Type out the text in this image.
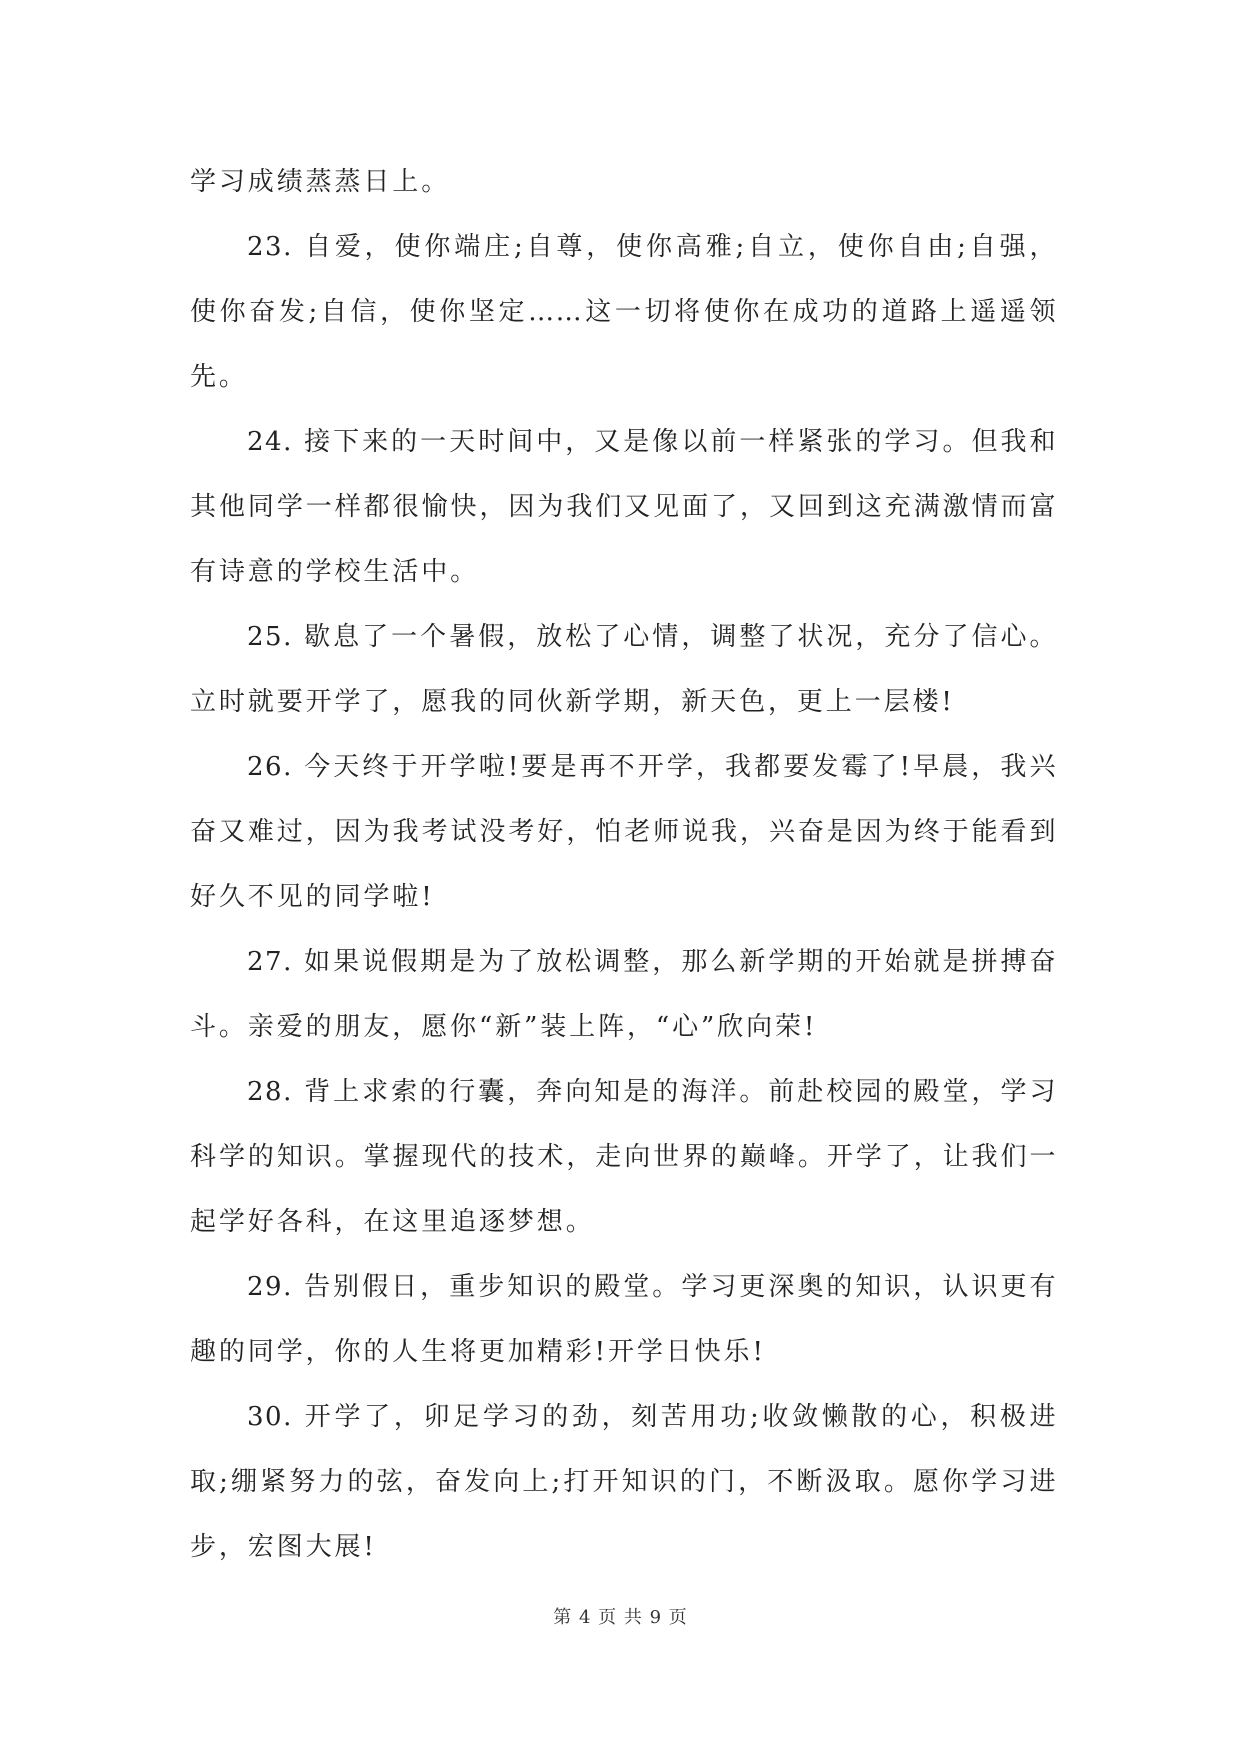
学习成绩蒸蒸日上。
23. 自爱，使你端庄;自尊，使你高雅;自立，使你自由;自强，
使你奋发;自信，使你坚定……这一切将使你在成功的道路上遥遥领
先。
24. 接下来的一天时间中，又是像以前一样紧张的学习。但我和
其他同学一样都很愉快，因为我们又见面了，又回到这充满激情而富
有诗意的学校生活中。
25. 歇息了一个暑假，放松了心情，调整了状况，充分了信心。
立时就要开学了，愿我的同伙新学期，新天色，更上一层楼!
26. 今天终于开学啦!要是再不开学，我都要发霉了!早晨，我兴
奋又难过，因为我考试没考好，怕老师说我，兴奋是因为终于能看到
好久不见的同学啦!
27. 如果说假期是为了放松调整，那么新学期的开始就是拼搏奋
斗。亲爱的朋友，愿你“新”装上阵，“心”欣向荣!
28. 背上求索的行囊，奔向知是的海洋。前赴校园的殿堂，学习
科学的知识。掌握现代的技术，走向世界的巅峰。开学了，让我们一
起学好各科，在这里追逐梦想。
29. 告别假日，重步知识的殿堂。学习更深奥的知识，认识更有
趣的同学，你的人生将更加精彩!开学日快乐!
30. 开学了，卯足学习的劲，刻苦用功;收敛懒散的心，积极进
取;绷紧努力的弦，奋发向上;打开知识的门，不断汲取。愿你学习进
步，宏图大展!
第 4 页 共 9 页
